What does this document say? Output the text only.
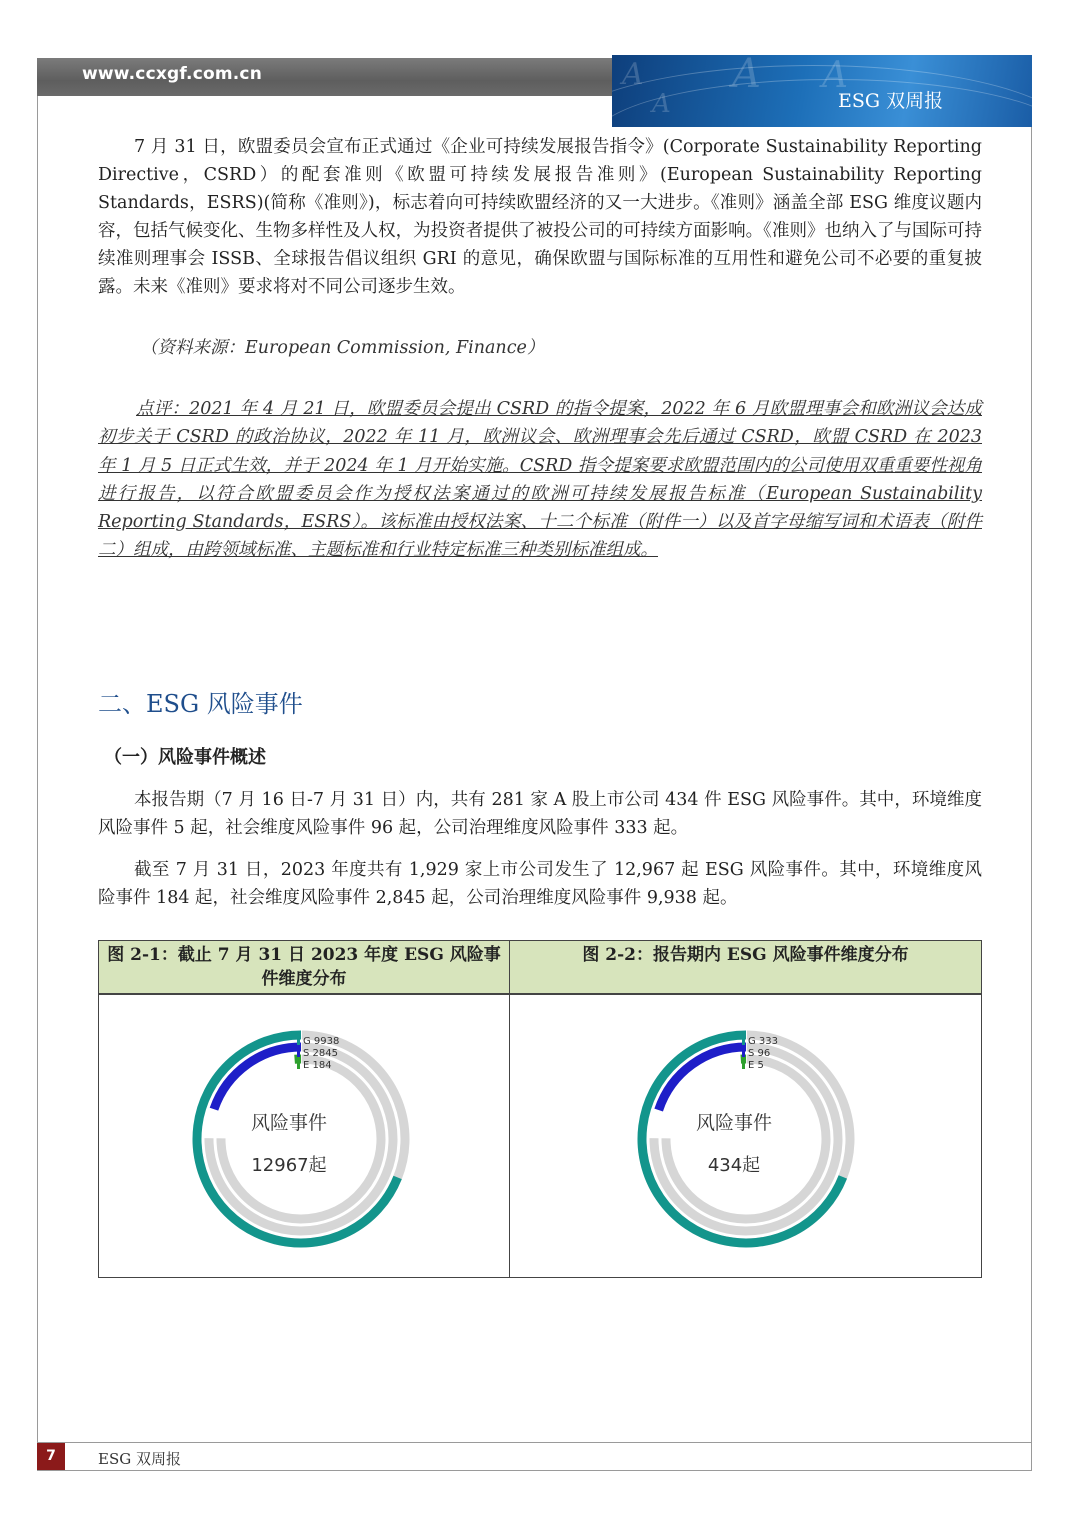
www.ccxgf.com.cn	A A A
A	ESG 双周报

7 月 31 日，欧盟委员会宣布正式通过《企业可持续发展报告指令》(Corporate Sustainability Reporting Directive，CSRD）的配套准则《欧盟可持续发展报告准则》(European Sustainability Reporting Standards，ESRS)(简称《准则》)，标志着向可持续欧盟经济的又一大进步。《准则》涵盖全部 ESG 维度议题内容，包括气候变化、生物多样性及人权，为投资者提供了被投公司的可持续方面影响。《准则》也纳入了与国际可持续准则理事会 ISSB、全球报告倡议组织 GRI 的意见，确保欧盟与国际标准的互用性和避免公司不必要的重复披露。未来《准则》要求将对不同公司逐步生效。

（资料来源：European Commission, Finance）

点评：2021 年 4 月 21 日，欧盟委员会提出 CSRD 的指令提案，2022 年 6 月欧盟理事会和欧洲议会达成初步关于 CSRD 的政治协议，2022 年 11 月，欧洲议会、欧洲理事会先后通过 CSRD，欧盟 CSRD 在 2023 年 1 月 5 日正式生效，并于 2024 年 1 月开始实施。CSRD 指令提案要求欧盟范围内的公司使用双重重要性视角进行报告，以符合欧盟委员会作为授权法案通过的欧洲可持续发展报告标准（European Sustainability Reporting Standards，ESRS）。该标准由授权法案、十二个标准（附件一）以及首字母缩写词和术语表（附件二）组成，由跨领域标准、主题标准和行业特定标准三种类别标准组成。

二、ESG 风险事件
（一）风险事件概述

本报告期（7 月 16 日-7 月 31 日）内，共有 281 家 A 股上市公司 434 件 ESG 风险事件。其中，环境维度风险事件 5 起，社会维度风险事件 96 起，公司治理维度风险事件 333 起。

截至 7 月 31 日，2023 年度共有 1,929 家上市公司发生了 12,967 起 ESG 风险事件。其中，环境维度风险事件 184 起，社会维度风险事件 2,845 起，公司治理维度风险事件 9,938 起。

图 2-1：截止 7 月 31 日 2023 年度 ESG 风险事件维度分布	图 2-2：报告期内 ESG 风险事件维度分布

G 9938
S 2845
E 184
风险事件
12967起	G 333
S 96
E 5
风险事件
434起
7	ESG 双周报
